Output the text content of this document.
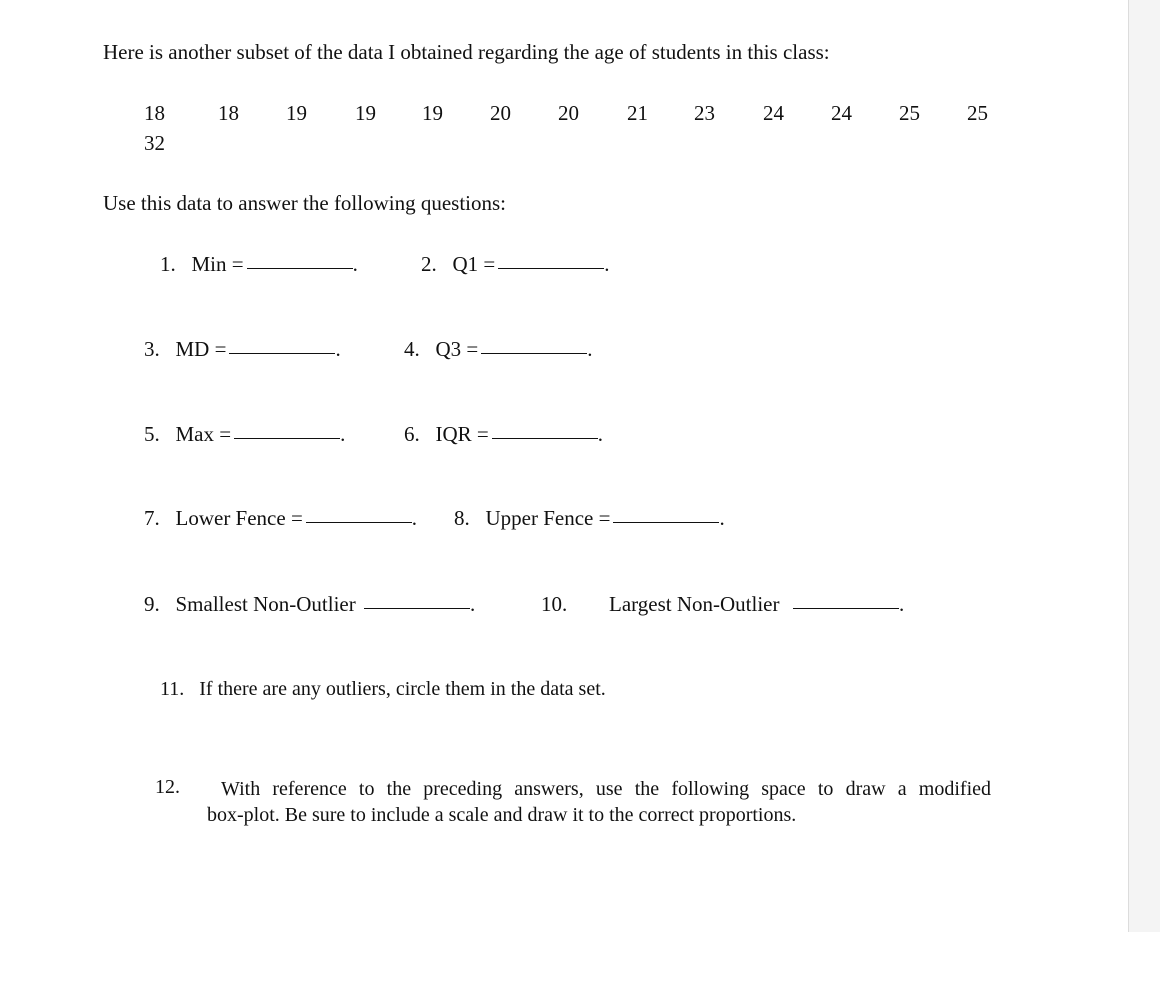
Here is another subset of the data I obtained regarding the age of students in this class:
18	18 19 19 19 20 20 21 23 24 24 25 25
32
Use this data to answer the following questions:
1. Min =	.	2. Q1 =	.
3. MD =	.	4. Q3 =	.
5. Max =	.	6. IQR =	.
7. Lower Fence =	. 8. Upper Fence =	.
9. Smallest Non-Outlier	.	10. Largest Non-Outlier	.
11. If there are any outliers, circle them in the data set.
12.	With reference to the preceding answers, use the following space to draw a modified
box-plot. Be sure to include a scale and draw it to the correct proportions.
